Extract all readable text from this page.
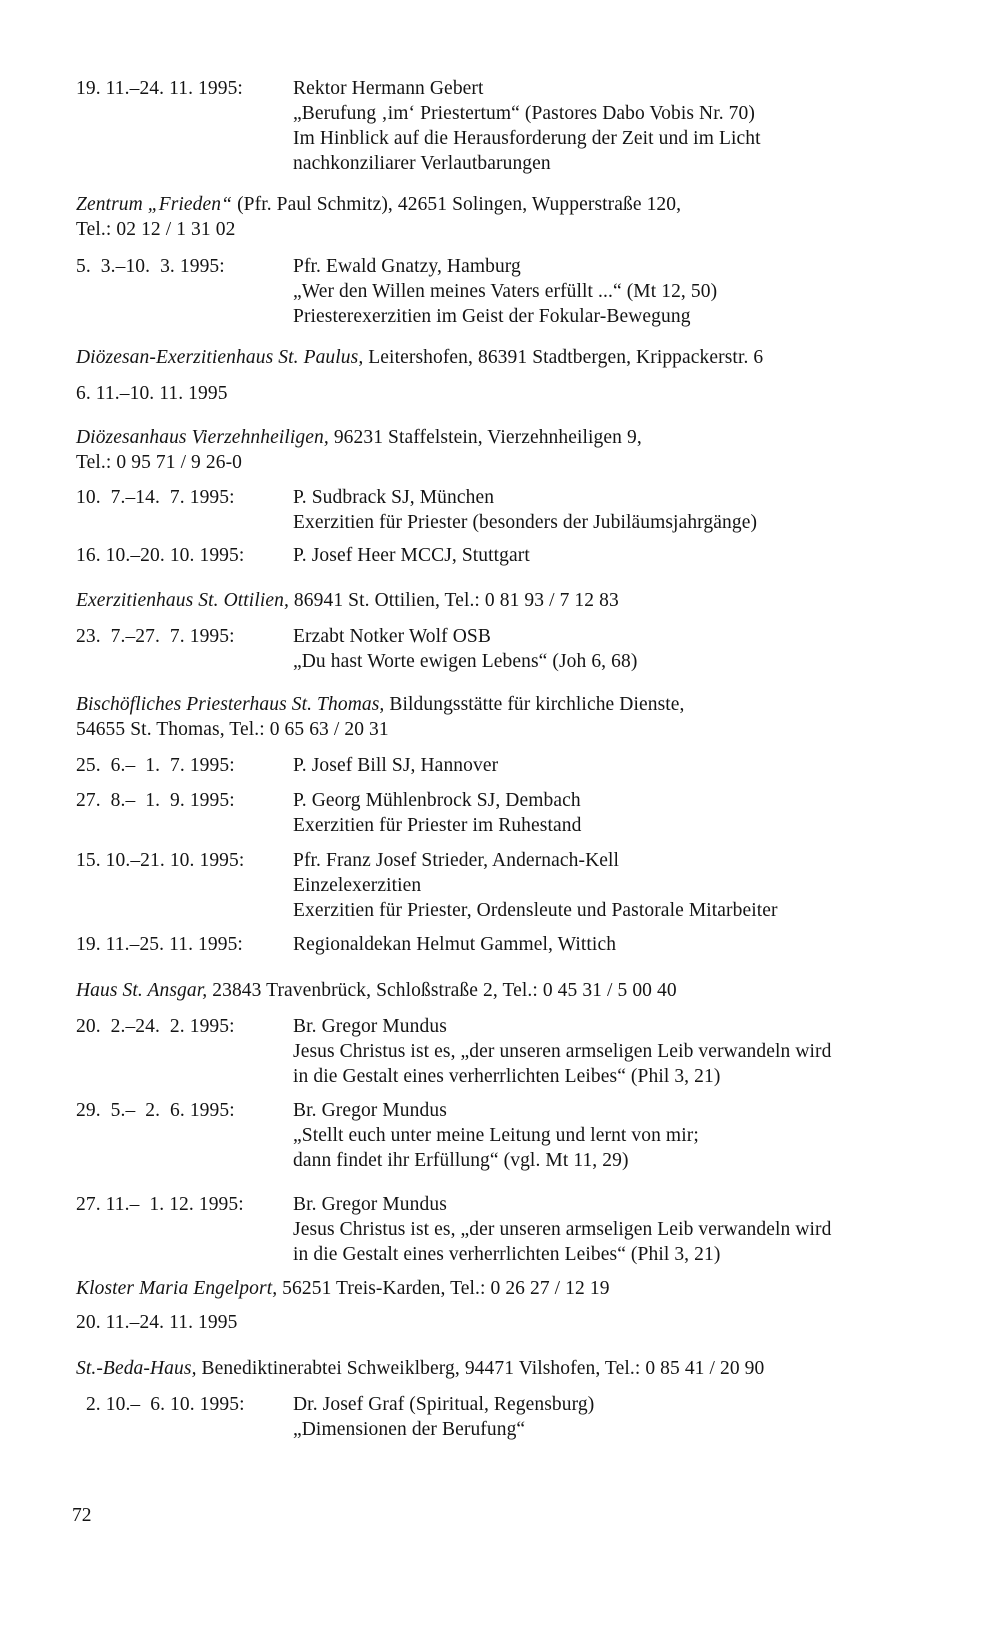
19. 11.–24. 11. 1995:	Rektor Hermann Gebert
„Berufung ‚im‘ Priestertum“ (Pastores Dabo Vobis Nr. 70)
Im Hinblick auf die Herausforderung der Zeit und im Licht
nachkonziliarer Verlautbarungen
Zentrum „Frieden“ (Pfr. Paul Schmitz), 42651 Solingen, Wupperstraße 120,
Tel.: 02 12 / 1 31 02
5.  3.–10.  3. 1995:	Pfr. Ewald Gnatzy, Hamburg
„Wer den Willen meines Vaters erfüllt ...“ (Mt 12, 50)
Priesterexerzitien im Geist der Fokular-Bewegung
Diözesan-Exerzitienhaus St. Paulus, Leitershofen, 86391 Stadtbergen, Krippackerstr. 6
6. 11.–10. 11. 1995
Diözesanhaus Vierzehnheiligen, 96231 Staffelstein, Vierzehnheiligen 9,
Tel.: 0 95 71 / 9 26-0
10.  7.–14.  7. 1995:	P. Sudbrack SJ, München
Exerzitien für Priester (besonders der Jubiläumsjahrgänge)
16. 10.–20. 10. 1995:	P. Josef Heer MCCJ, Stuttgart
Exerzitienhaus St. Ottilien, 86941 St. Ottilien, Tel.: 0 81 93 / 7 12 83
23.  7.–27.  7. 1995:	Erzabt Notker Wolf OSB
„Du hast Worte ewigen Lebens“ (Joh 6, 68)
Bischöfliches Priesterhaus St. Thomas, Bildungsstätte für kirchliche Dienste,
54655 St. Thomas, Tel.: 0 65 63 / 20 31
25.  6.–  1.  7. 1995:	P. Josef Bill SJ, Hannover
27.  8.–  1.  9. 1995:	P. Georg Mühlenbrock SJ, Dembach
Exerzitien für Priester im Ruhestand
15. 10.–21. 10. 1995:	Pfr. Franz Josef Strieder, Andernach-Kell
Einzelexerzitien
Exerzitien für Priester, Ordensleute und Pastorale Mitarbeiter
19. 11.–25. 11. 1995:	Regionaldekan Helmut Gammel, Wittich
Haus St. Ansgar, 23843 Travenbrück, Schloßstraße 2, Tel.: 0 45 31 / 5 00 40
20.  2.–24.  2. 1995:	Br. Gregor Mundus
Jesus Christus ist es, „der unseren armseligen Leib verwandeln wird
in die Gestalt eines verherrlichten Leibes“ (Phil 3, 21)
29.  5.–  2.  6. 1995:	Br. Gregor Mundus
„Stellt euch unter meine Leitung und lernt von mir;
dann findet ihr Erfüllung“ (vgl. Mt 11, 29)
27. 11.–  1. 12. 1995:	Br. Gregor Mundus
Jesus Christus ist es, „der unseren armseligen Leib verwandeln wird
in die Gestalt eines verherrlichten Leibes“ (Phil 3, 21)
Kloster Maria Engelport, 56251 Treis-Karden, Tel.: 0 26 27 / 12 19
20. 11.–24. 11. 1995
St.-Beda-Haus, Benediktinerabtei Schweiklberg, 94471 Vilshofen, Tel.: 0 85 41 / 20 90
2. 10.–  6. 10. 1995:	Dr. Josef Graf (Spiritual, Regensburg)
„Dimensionen der Berufung“
72
